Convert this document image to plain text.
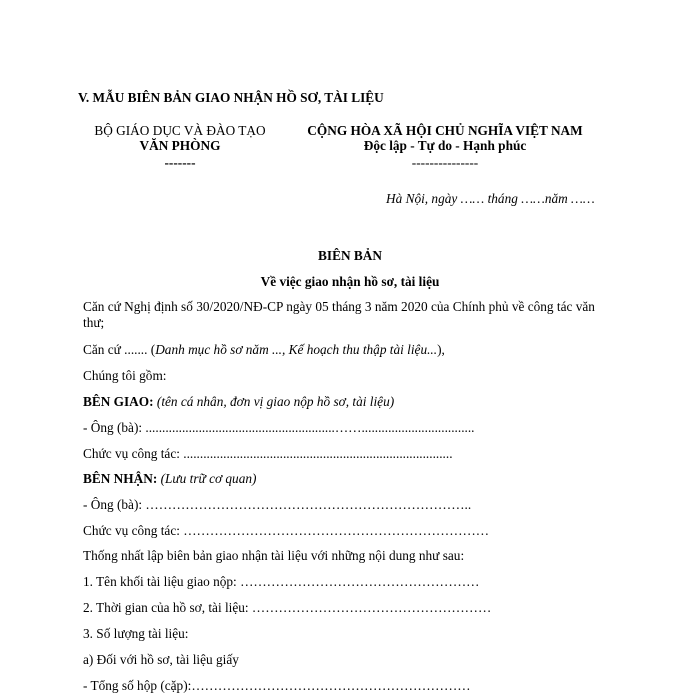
V. MẪU BIÊN BẢN GIAO NHẬN HỒ SƠ, TÀI LIỆU
BỘ GIÁO DỤC VÀ ĐÀO TẠO
VĂN PHÒNG
-------
CỘNG HÒA XÃ HỘI CHỦ NGHĨA VIỆT NAM
Độc lập - Tự do - Hạnh phúc
---------------
Hà Nội, ngày …… tháng ……năm ……
BIÊN BẢN
Về việc giao nhận hồ sơ, tài liệu
Căn cứ Nghị định số 30/2020/NĐ-CP ngày 05 tháng 3 năm 2020 của Chính phủ về công tác văn
thư;
Căn cứ ....... (Danh mục hồ sơ năm ..., Kế hoạch thu thập tài liệu...),
Chúng tôi gồm:
BÊN GIAO: (tên cá nhân, đơn vị giao nộp hồ sơ, tài liệu)
- Ông (bà): .........................................................……..................................
Chức vụ công tác: .................................................................................
BÊN NHẬN: (Lưu trữ cơ quan)
- Ông (bà): ………………………………………………………………..
Chức vụ công tác: ……………………………………………………………
Thống nhất lập biên bản giao nhận tài liệu với những nội dung như sau:
1. Tên khối tài liệu giao nộp: ………………………………………………
2. Thời gian của hồ sơ, tài liệu: ………………………………………………
3. Số lượng tài liệu:
a) Đối với hồ sơ, tài liệu giấy
- Tổng số hộp (cặp):………………………………………………………
